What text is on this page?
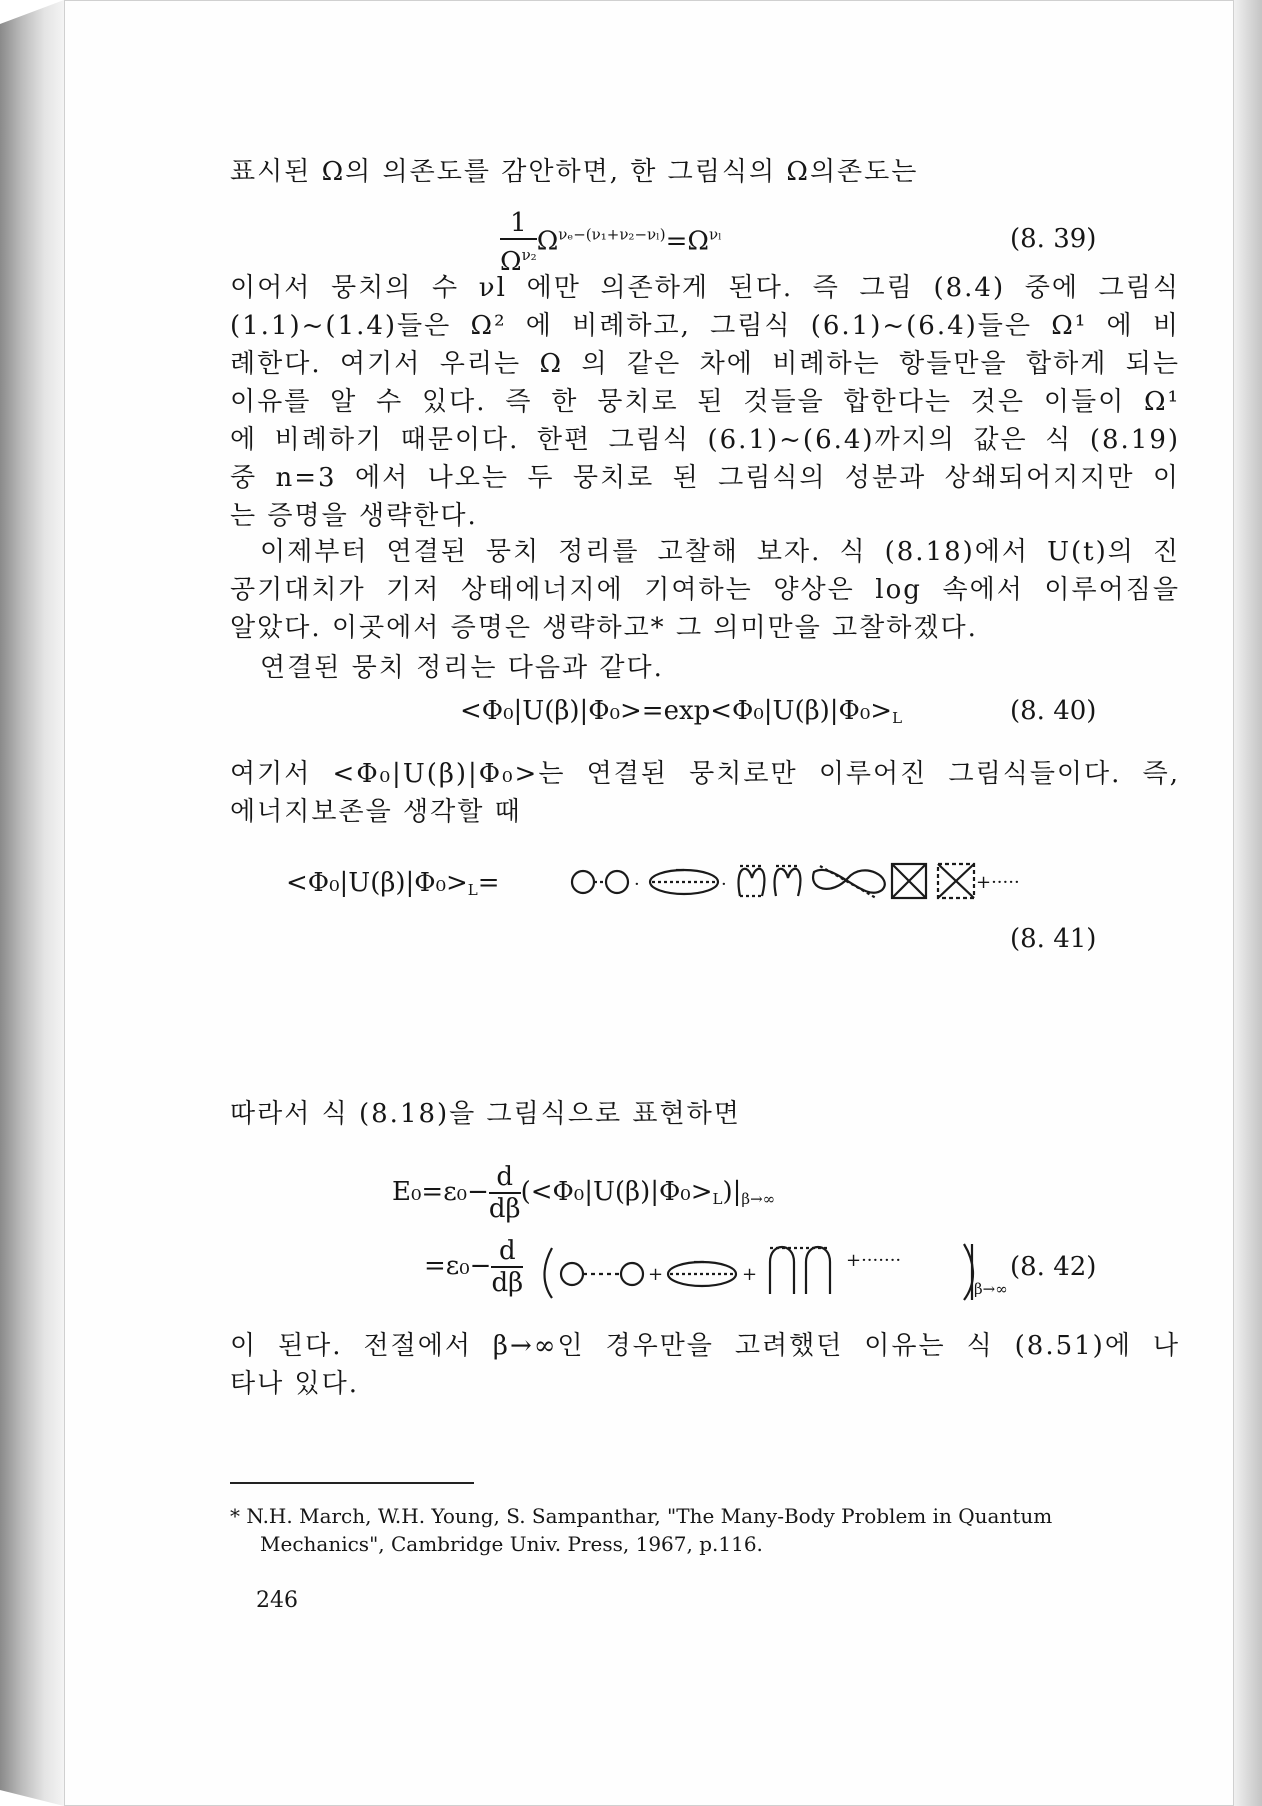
표시된 Ω의 의존도를 감안하면, 한 그림식의 Ω의존도는
$\frac{1}{\Omega^{\nu_2}} \Omega^{\nu_e-(\nu_1+\nu_2-\nu_l)}=\Omega^{\nu_l}$	(8. 39)
이어서 뭉치의 수 νl 에만 의존하게 된다. 즉 그림 (8.4) 중에 그림식
(1.1)~(1.4)들은 Ω² 에 비례하고, 그림식 (6.1)~(6.4)들은 Ω¹ 에 비
례한다. 여기서 우리는 Ω 의 같은 차에 비례하는 항들만을 합하게 되는
이유를 알 수 있다. 즉 한 뭉치로 된 것들을 합한다는 것은 이들이 Ω¹
에 비례하기 때문이다. 한편 그림식 (6.1)~(6.4)까지의 값은 식 (8.19)
중 n=3 에서 나오는 두 뭉치로 된 그림식의 성분과 상쇄되어지지만 이
는 증명을 생략한다.
이제부터 연결된 뭉치 정리를 고찰해 보자. 식 (8.18)에서 U(t)의 진
공기대치가 기저 상태에너지에 기여하는 양상은 log 속에서 이루어짐을
알았다. 이곳에서 증명은 생략하고* 그 의미만을 고찰하겠다.
연결된 뭉치 정리는 다음과 같다.
$<\Phi_0|U(\beta)|\Phi_0>=\exp<\Phi_0|U(\beta)|\Phi_0>_L$	(8. 40)
여기서 <Φ₀|U(β)|Φ₀>는 연결된 뭉치로만 이루어진 그림식들이다. 즉,
에너지보존을 생각할 때
$<\Phi_0|U(\beta)|\Phi_0>_L=$	·	·	+·····
(8. 41)
따라서 식 (8.18)을 그림식으로 표현하면
$E_0=\varepsilon_0- \frac{d}{d\beta} (<\Phi_0|U(\beta)|\Phi_0>_L)|_{\beta\to\infty}$
$=\varepsilon_0- \frac{d}{d\beta}$	+	+
+·······
β→∞
(8. 42)
이 된다. 전절에서 β→∞인 경우만을 고려했던 이유는 식 (8.51)에 나
타나 있다.
* N.H. March, W.H. Young, S. Sampanthar, "The Many-Body Problem in Quantum
Mechanics", Cambridge Univ. Press, 1967, p.116.
246
